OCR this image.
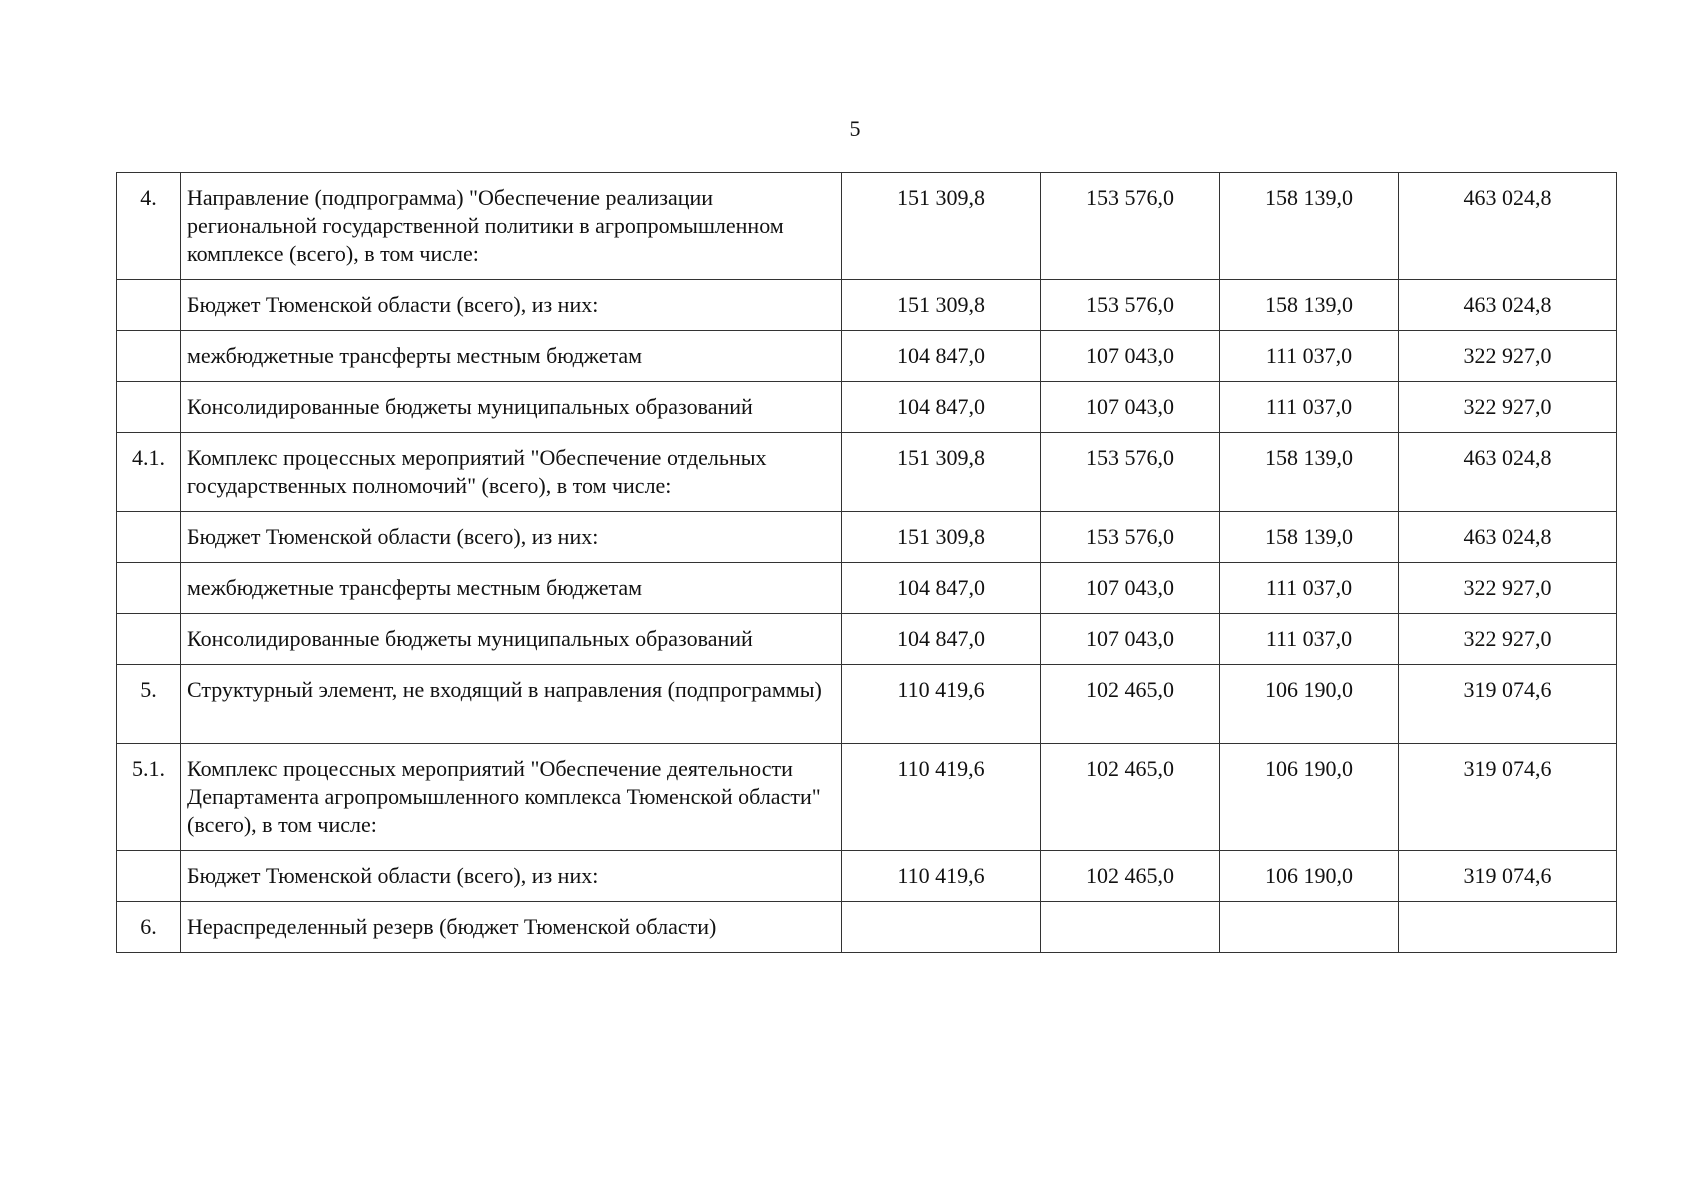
5
4.	Направление (подпрограмма) "Обеспечение реализации региональной государственной политики в агропромышленном комплексе (всего), в том числе:	151 309,8	153 576,0	158 139,0	463 024,8
	Бюджет Тюменской области (всего), из них:	151 309,8	153 576,0	158 139,0	463 024,8
	межбюджетные трансферты местным бюджетам	104 847,0	107 043,0	111 037,0	322 927,0
	Консолидированные бюджеты муниципальных образований	104 847,0	107 043,0	111 037,0	322 927,0
4.1.	Комплекс процессных мероприятий "Обеспечение отдельных государственных полномочий" (всего), в том числе:	151 309,8	153 576,0	158 139,0	463 024,8
	Бюджет Тюменской области (всего), из них:	151 309,8	153 576,0	158 139,0	463 024,8
	межбюджетные трансферты местным бюджетам	104 847,0	107 043,0	111 037,0	322 927,0
	Консолидированные бюджеты муниципальных образований	104 847,0	107 043,0	111 037,0	322 927,0
5.	Структурный элемент, не входящий в направления (подпрограммы)	110 419,6	102 465,0	106 190,0	319 074,6
5.1.	Комплекс процессных мероприятий "Обеспечение деятельности Департамента агропромышленного комплекса Тюменской области" (всего), в том числе:	110 419,6	102 465,0	106 190,0	319 074,6
	Бюджет Тюменской области (всего), из них:	110 419,6	102 465,0	106 190,0	319 074,6
6.	Нераспределенный резерв (бюджет Тюменской области)				
